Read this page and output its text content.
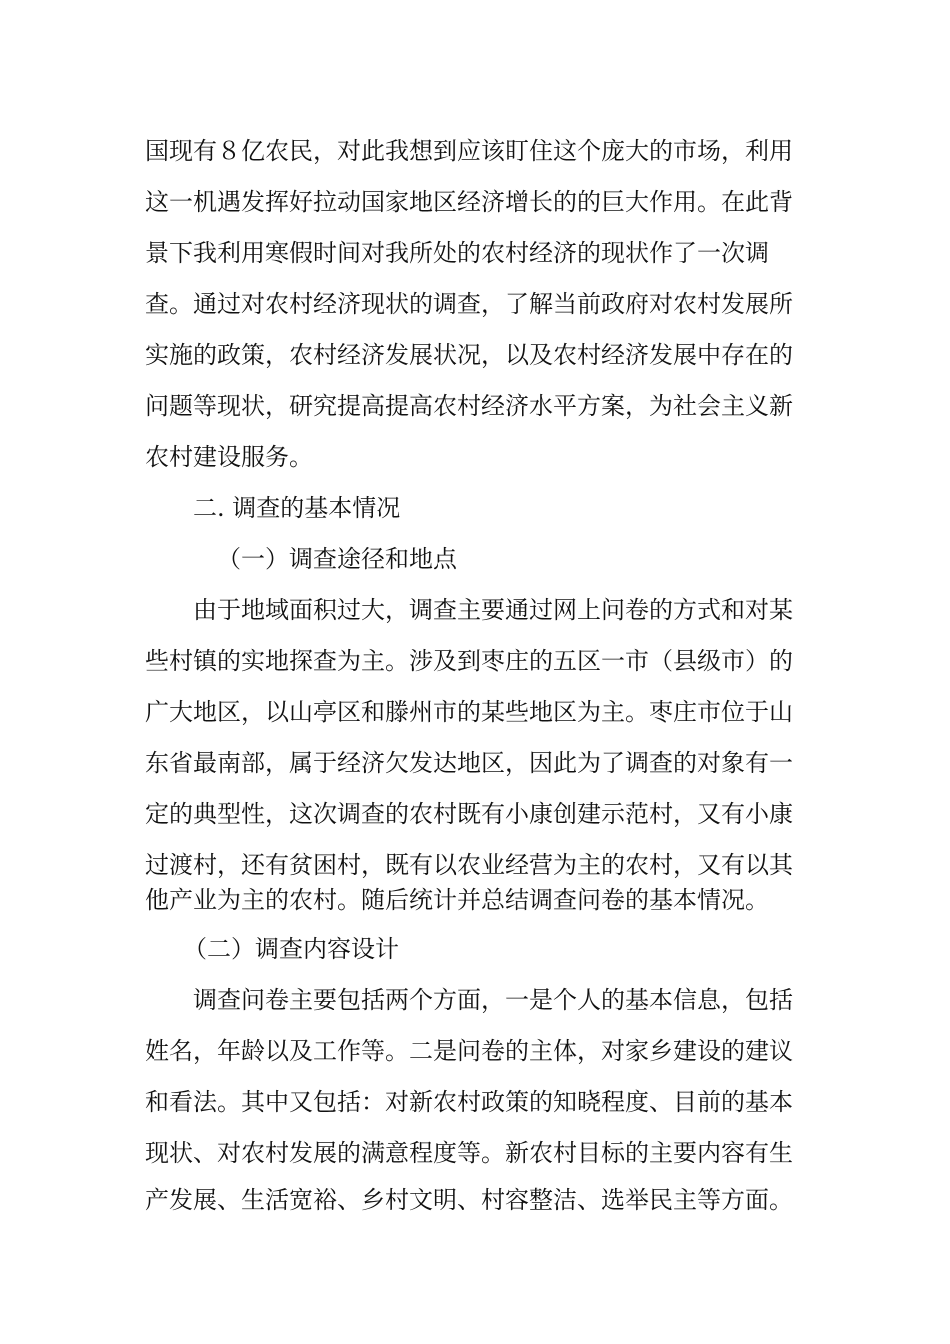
国现有８亿农民，对此我想到应该盯住这个庞大的市场，利用
这一机遇发挥好拉动国家地区经济增长的的巨大作用。在此背
景下我利用寒假时间对我所处的农村经济的现状作了一次调
查。通过对农村经济现状的调查，了解当前政府对农村发展所
实施的政策，农村经济发展状况，以及农村经济发展中存在的
问题等现状，研究提高提高农村经济水平方案，为社会主义新
农村建设服务。
二. 调查的基本情况
（一）调查途径和地点
由于地域面积过大，调查主要通过网上问卷的方式和对某
些村镇的实地探查为主。涉及到枣庄的五区一市（县级市）的
广大地区，以山亭区和滕州市的某些地区为主。枣庄市位于山
东省最南部，属于经济欠发达地区，因此为了调查的对象有一
定的典型性，这次调查的农村既有小康创建示范村，又有小康
过渡村，还有贫困村，既有以农业经营为主的农村，又有以其
他产业为主的农村。随后统计并总结调查问卷的基本情况。
（二）调查内容设计
调查问卷主要包括两个方面，一是个人的基本信息，包括
姓名，年龄以及工作等。二是问卷的主体，对家乡建设的建议
和看法。其中又包括：对新农村政策的知晓程度、目前的基本
现状、对农村发展的满意程度等。新农村目标的主要内容有生
产发展、生活宽裕、乡村文明、村容整洁、选举民主等方面。
